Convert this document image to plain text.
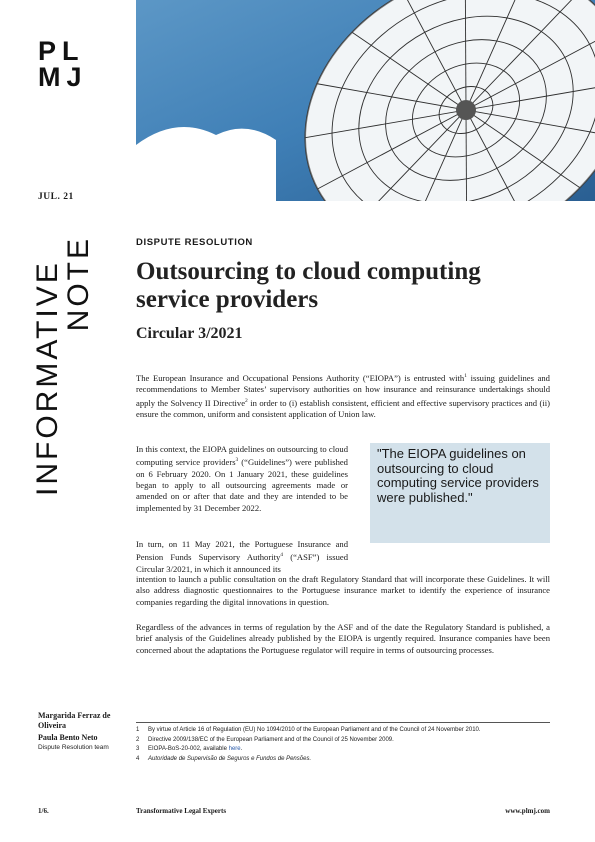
PL
MJ
JUL. 21
INFORMATIVE
NOTE	DISPUTE RESOLUTION
Outsourcing to cloud computing service providers
Circular 3/2021
The European Insurance and Occupational Pensions Authority (“EIOPA”) is entrusted with$^1$ issuing guidelines and recommendations to Member States’ supervisory authorities on how insurance and reinsurance undertakings should apply the Solvency II Directive$^2$ in order to (i) establish consistent, efficient and effective supervisory practices and (ii) ensure the common, uniform and consistent application of Union law.
In this context, the EIOPA guidelines on outsourcing to cloud computing service providers$^3$ (“Guidelines”) were published on 6 February 2020. On 1 January 2021, these guidelines began to apply to all outsourcing agreements made or amended on or after that date and they are intended to be implemented by 31 December 2022.
"The EIOPA guidelines on outsourcing to cloud computing service providers were published."
In turn, on 11 May 2021, the Portuguese Insurance and Pension Funds Supervisory Authority$^4$ (“ASF”) issued Circular 3/2021, in which it announced its
intention to launch a public consultation on the draft Regulatory Standard that will incorporate these Guidelines. It will also address diagnostic questionnaires to the Portuguese insurance market to identify the experience of insurance companies regarding the digital innovations in question.
Regardless of the advances in terms of regulation by the ASF and of the date the Regulatory Standard is published, a brief analysis of the Guidelines already published by the EIOPA is urgently required. Insurance companies have been concerned about the adaptations the Portuguese regulator will require in terms of outsourcing processes.
Margarida Ferraz de Oliveira
Paula Bento Neto
Dispute Resolution team
1	By virtue of Article 16 of Regulation (EU) No 1094/2010 of the European Parliament and of the Council of 24 November 2010.
2	Directive 2009/138/EC of the European Parliament and of the Council of 25 November 2009.
3	EIOPA-BoS-20-002, available here.
4	Autoridade de Supervisão de Seguros e Fundos de Pensões.
1/6.	Transformative Legal Experts	www.plmj.com
